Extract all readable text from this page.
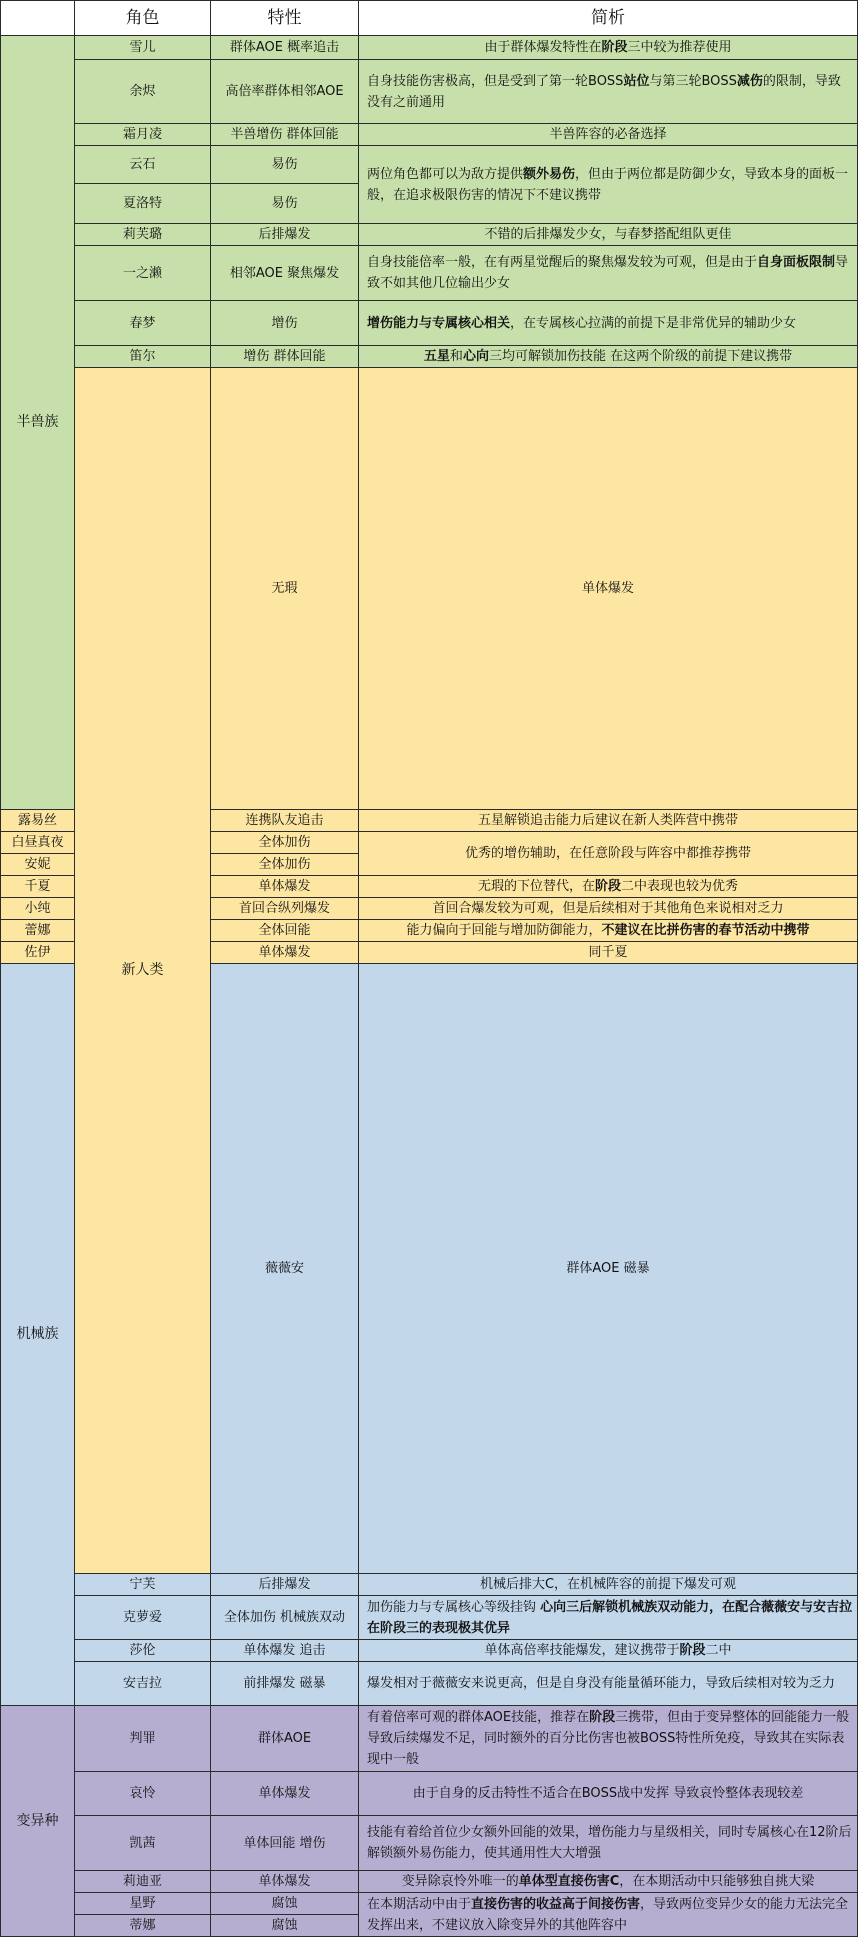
	角色	特性	简析	
半兽族	雪儿	群体AOE 概率追击	由于群体爆发特性在阶段三中较为推荐使用	
	余烬	高倍率群体相邻AOE	自身技能伤害极高，但是受到了第一轮BOSS站位与第三轮BOSS减伤的限制，导致没有之前通用	
	霜月凌	半兽增伤 群体回能	半兽阵容的必备选择	
	云石	易伤	两位角色都可以为敌方提供额外易伤，但由于两位都是防御少女，导致本身的面板一般，在追求极限伤害的情况下不建议携带	
	夏洛特	易伤		
	莉芙璐	后排爆发	不错的后排爆发少女，与春梦搭配组队更佳	
	一之濑	相邻AOE 聚焦爆发	自身技能倍率一般，在有两星觉醒后的聚焦爆发较为可观，但是由于自身面板限制导致不如其他几位输出少女	
	春梦	增伤	增伤能力与专属核心相关，在专属核心拉满的前提下是非常优异的辅助少女	
	笛尔	增伤 群体回能	五星和心向三均可解锁加伤技能 在这两个阶级的前提下建议携带	
	新人类	无瑕	单体爆发	
露易丝		连携队友追击	五星解锁追击能力后建议在新人类阵营中携带	
白昼真夜		全体加伤	优秀的增伤辅助，在任意阶段与阵容中都推荐携带	
安妮		全体加伤		
千夏		单体爆发	无瑕的下位替代，在阶段二中表现也较为优秀	
小纯		首回合纵列爆发	首回合爆发较为可观，但是后续相对于其他角色来说相对乏力	
蕾娜		全体回能	能力偏向于回能与增加防御能力，不建议在比拼伤害的春节活动中携带	
佐伊		单体爆发	同千夏	
机械族		薇薇安	群体AOE 磁暴	
	宁芙	后排爆发	机械后排大C，在机械阵容的前提下爆发可观	
	克萝爱	全体加伤 机械族双动	加伤能力与专属核心等级挂钩 心向三后解锁机械族双动能力，在配合薇薇安与安吉拉在阶段三的表现极其优异	
	莎伦	单体爆发 追击	单体高倍率技能爆发，建议携带于阶段二中	
	安吉拉	前排爆发 磁暴	爆发相对于薇薇安来说更高，但是自身没有能量循环能力，导致后续相对较为乏力	
变异种	判罪	群体AOE	有着倍率可观的群体AOE技能，推荐在阶段三携带，但由于变异整体的回能能力一般导致后续爆发不足，同时额外的百分比伤害也被BOSS特性所免疫，导致其在实际表现中一般	
	哀怜	单体爆发	由于自身的反击特性不适合在BOSS战中发挥 导致哀怜整体表现较差	
	凯茜	单体回能 增伤	技能有着给首位少女额外回能的效果，增伤能力与星级相关，同时专属核心在12阶后解锁额外易伤能力，使其通用性大大增强	
	莉迪亚	单体爆发	变异除哀怜外唯一的单体型直接伤害C，在本期活动中只能够独自挑大梁	
	星野	腐蚀	在本期活动中由于直接伤害的收益高于间接伤害，导致两位变异少女的能力无法完全发挥出来，不建议放入除变异外的其他阵容中	
	蒂娜	腐蚀		
